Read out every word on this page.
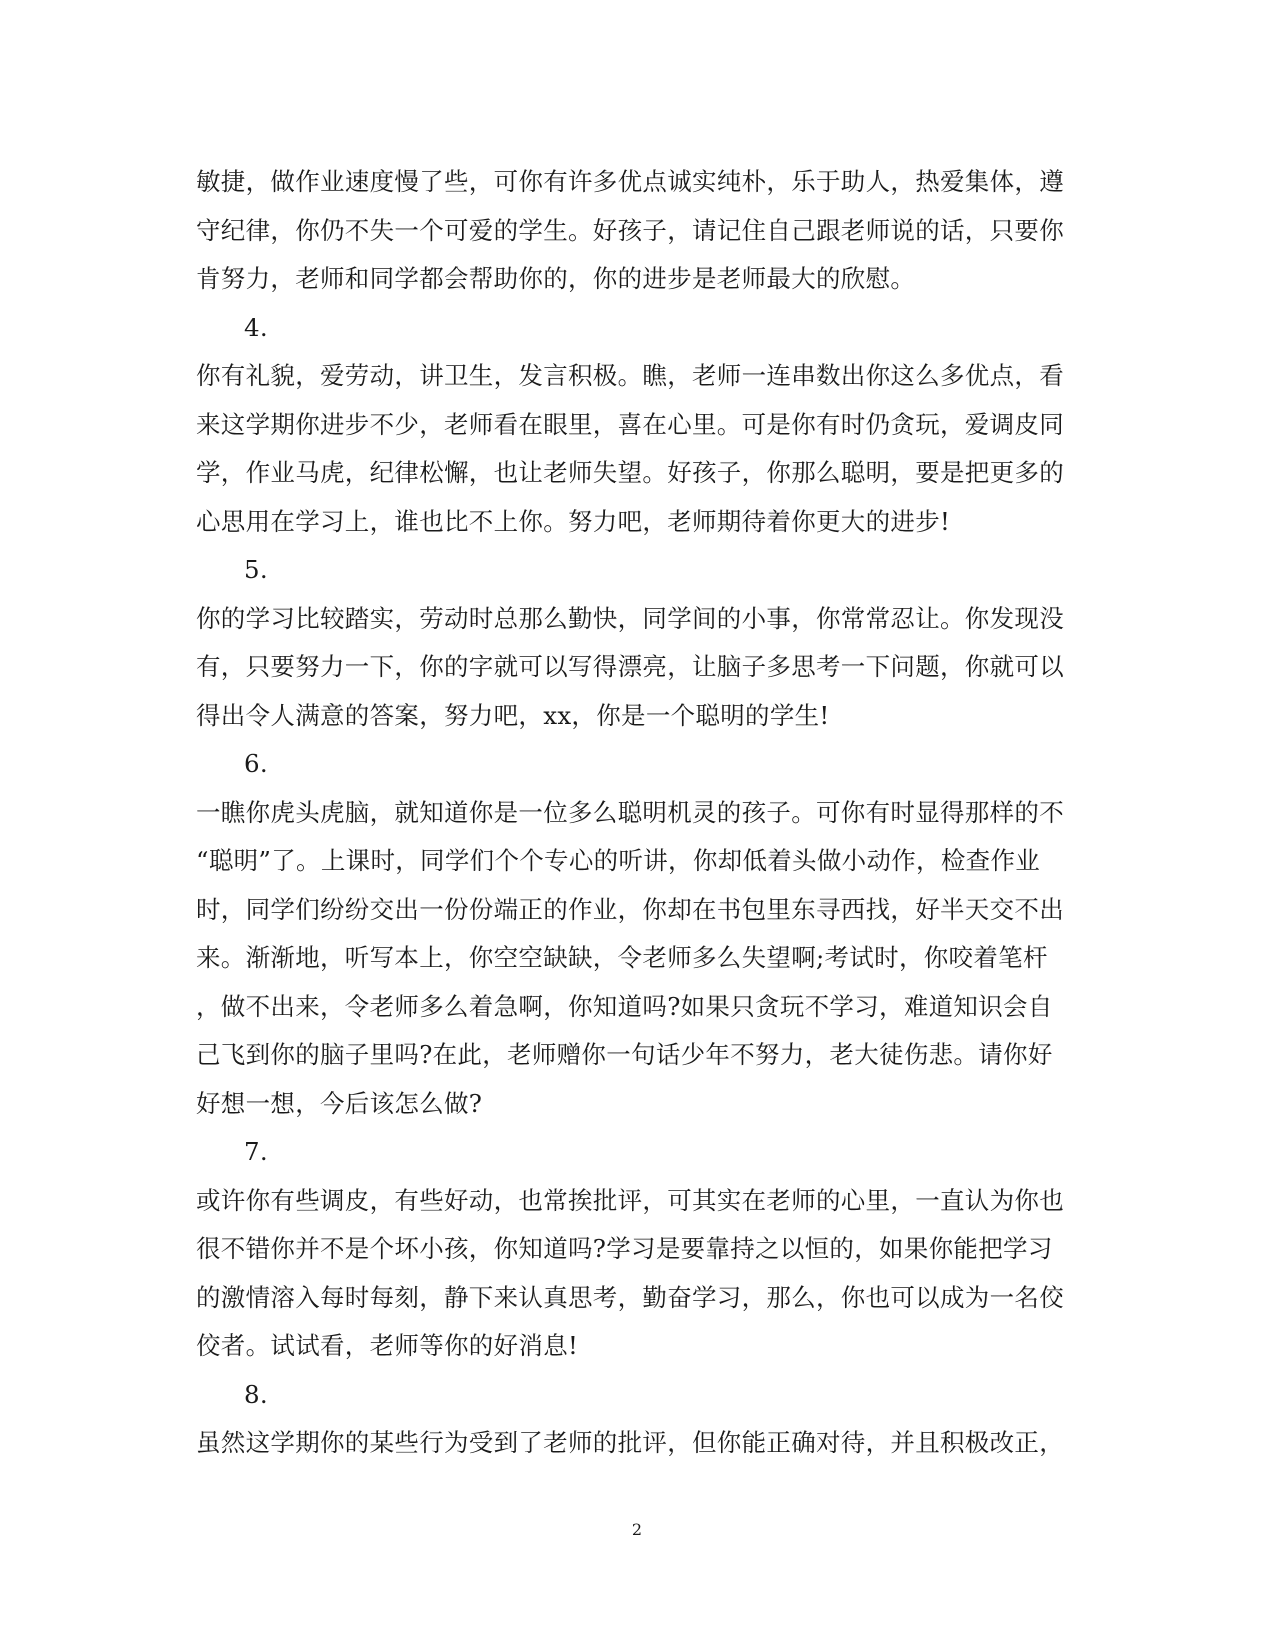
敏捷，做作业速度慢了些，可你有许多优点诚实纯朴，乐于助人，热爱集体，遵
守纪律，你仍不失一个可爱的学生。好孩子，请记住自己跟老师说的话，只要你
肯努力，老师和同学都会帮助你的，你的进步是老师最大的欣慰。
4.
你有礼貌，爱劳动，讲卫生，发言积极。瞧，老师一连串数出你这么多优点，看
来这学期你进步不少，老师看在眼里，喜在心里。可是你有时仍贪玩，爱调皮同
学，作业马虎，纪律松懈，也让老师失望。好孩子，你那么聪明，要是把更多的
心思用在学习上，谁也比不上你。努力吧，老师期待着你更大的进步!
5.
你的学习比较踏实，劳动时总那么勤快，同学间的小事，你常常忍让。你发现没
有，只要努力一下，你的字就可以写得漂亮，让脑子多思考一下问题，你就可以
得出令人满意的答案，努力吧，xx，你是一个聪明的学生!
6.
一瞧你虎头虎脑，就知道你是一位多么聪明机灵的孩子。可你有时显得那样的不
“聪明”了。上课时，同学们个个专心的听讲，你却低着头做小动作，检查作业
时，同学们纷纷交出一份份端正的作业，你却在书包里东寻西找，好半天交不出
来。渐渐地，听写本上，你空空缺缺，令老师多么失望啊;考试时，你咬着笔杆
，做不出来，令老师多么着急啊，你知道吗?如果只贪玩不学习，难道知识会自
己飞到你的脑子里吗?在此，老师赠你一句话少年不努力，老大徒伤悲。请你好
好想一想，今后该怎么做?
7.
或许你有些调皮，有些好动，也常挨批评，可其实在老师的心里，一直认为你也
很不错你并不是个坏小孩，你知道吗?学习是要靠持之以恒的，如果你能把学习
的激情溶入每时每刻，静下来认真思考，勤奋学习，那么，你也可以成为一名佼
佼者。试试看，老师等你的好消息!
8.
虽然这学期你的某些行为受到了老师的批评，但你能正确对待，并且积极改正，
2
